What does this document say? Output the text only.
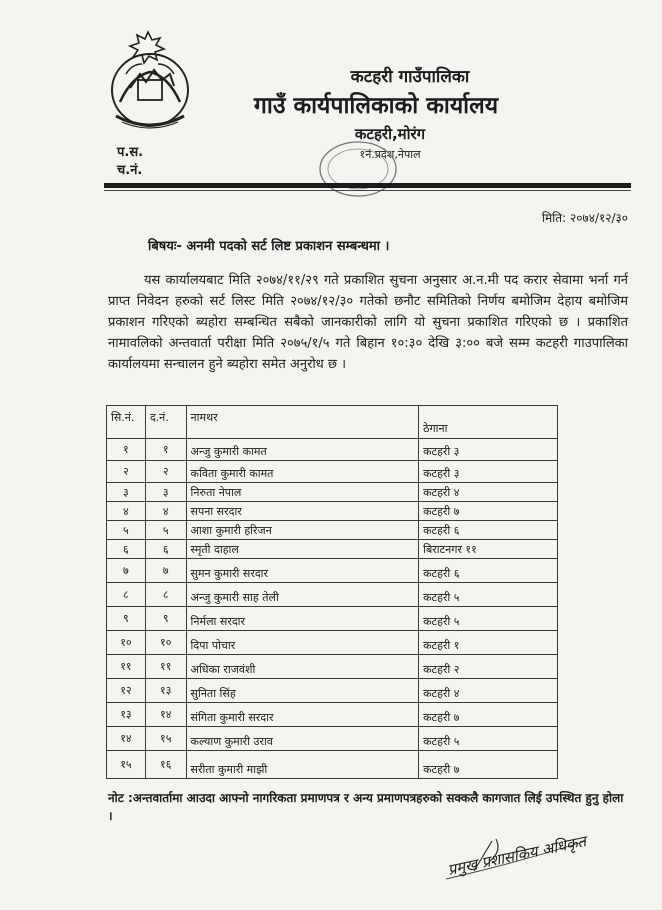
कटहरी गाउँपालिका
गाउँ कार्यपालिकाको कार्यालय
कटहरी,मोरंग
१नं.प्रदेश,नेपाल
प.स.
च.नं.
मिति: २०७४/१२/३०
बिषयः- अनमी पदको सर्ट लिष्ट प्रकाशन सम्बन्धमा ।
यस कार्यालयबाट मिति २०७४/११/२९ गते प्रकाशित सुचना अनुसार अ.न.मी पद करार सेवामा भर्ना गर्न प्राप्त निवेदन हरुको सर्ट लिस्ट मिति २०७४/१२/३० गतेको छनौट समितिको निर्णय बमोजिम देहाय बमोजिम प्रकाशन गरिएको ब्यहोरा सम्बन्धित सबैको जानकारीको लागि यो सुचना प्रकाशित गरिएको छ । प्रकाशित नामावलिको अन्तवार्ता परीक्षा मिति २०७५/१/५ गते बिहान १०:३० देखि ३:०० बजे सम्म कटहरी गाउपालिका कार्यालयमा सन्चालन हुने ब्यहोरा समेत अनुरोध छ ।
सि.नं.	द.नं.	नामथर	ठेगाना
१	१	अन्जु कुमारी कामत	कटहरी ३
२	२	कविता कुमारी कामत	कटहरी ३
३	३	निरुता नेपाल	कटहरी ४
४	४	सपना सरदार	कटहरी ७
५	५	आशा कुमारी हरिजन	कटहरी ६
६	६	स्मृती दाहाल	बिराटनगर ११
७	७	सुमन कुमारी सरदार	कटहरी ६
८	८	अन्जु कुमारी साह तेली	कटहरी ५
९	९	निर्मला सरदार	कटहरी ५
१०	१०	दिपा पोचार	कटहरी १
११	११	अधिका राजवंशी	कटहरी २
१२	१३	सुनिता सिंह	कटहरी ४
१३	१४	संगिता कुमारी सरदार	कटहरी ७
१४	१५	कल्याण कुमारी उराव	कटहरी ५
१५	१६	सरीता कुमारी माझी	कटहरी ७
नोट :अन्तवार्तामा आउदा आफ्नो नागरिकता प्रमाणपत्र र अन्य प्रमाणपत्रहरुको सक्कलै कागजात लिई उपस्थित हुनु होला ।
प्रमुख प्रशासकिय अधिकृत
